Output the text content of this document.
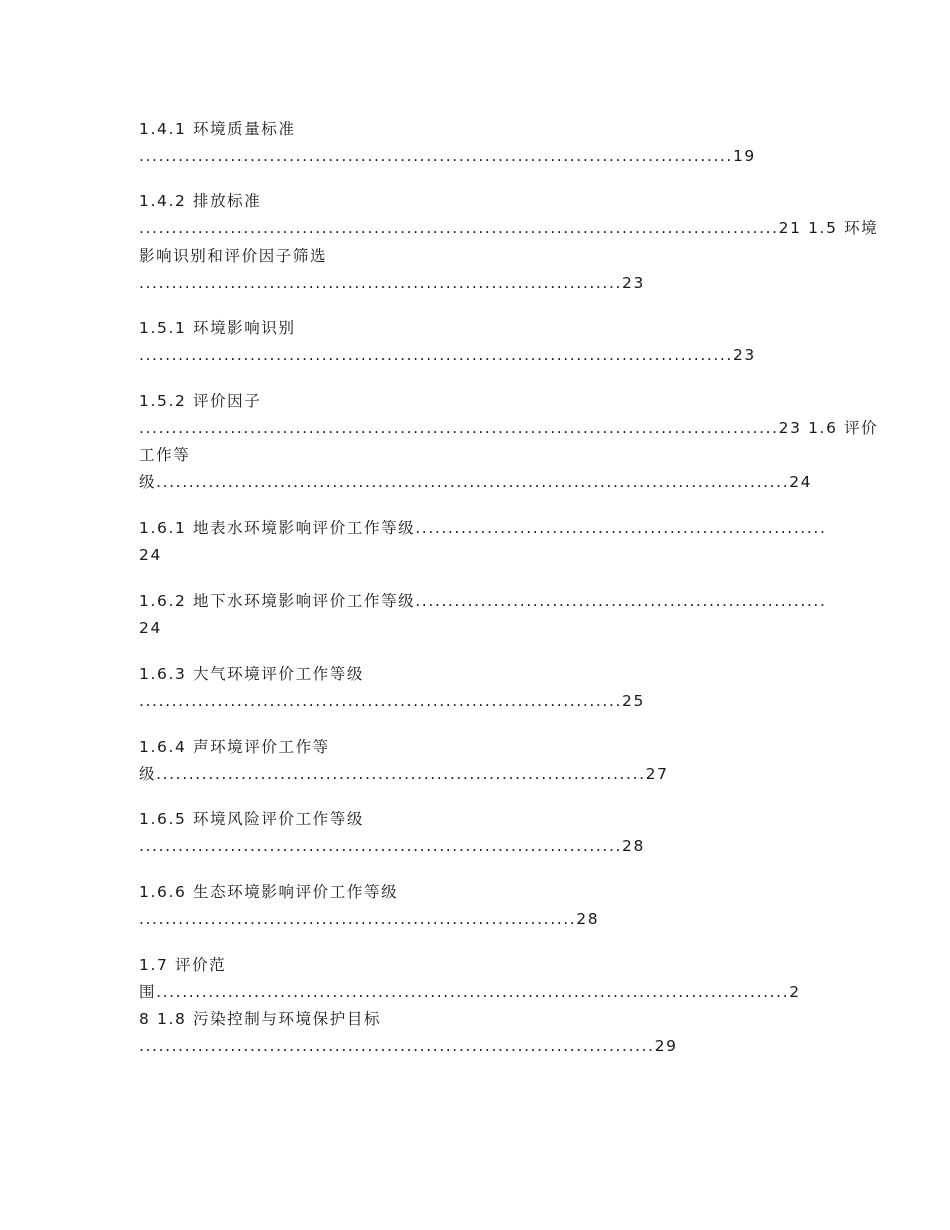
1.4.1 环境质量标准
...........................................................................................19
1.4.2 排放标准
..................................................................................................21 1.5 环境
影响识别和评价因子筛选
..........................................................................23
1.5.1 环境影响识别
...........................................................................................23
1.5.2 评价因子
..................................................................................................23 1.6 评价
工作等
级.................................................................................................24
1.6.1 地表水环境影响评价工作等级...............................................................
24
1.6.2 地下水环境影响评价工作等级...............................................................
24
1.6.3 大气环境评价工作等级
..........................................................................25
1.6.4 声环境评价工作等
级...........................................................................27
1.6.5 环境风险评价工作等级
..........................................................................28
1.6.6 生态环境影响评价工作等级
...................................................................28
1.7 评价范
围.................................................................................................2
8 1.8 污染控制与环境保护目标
...............................................................................29
